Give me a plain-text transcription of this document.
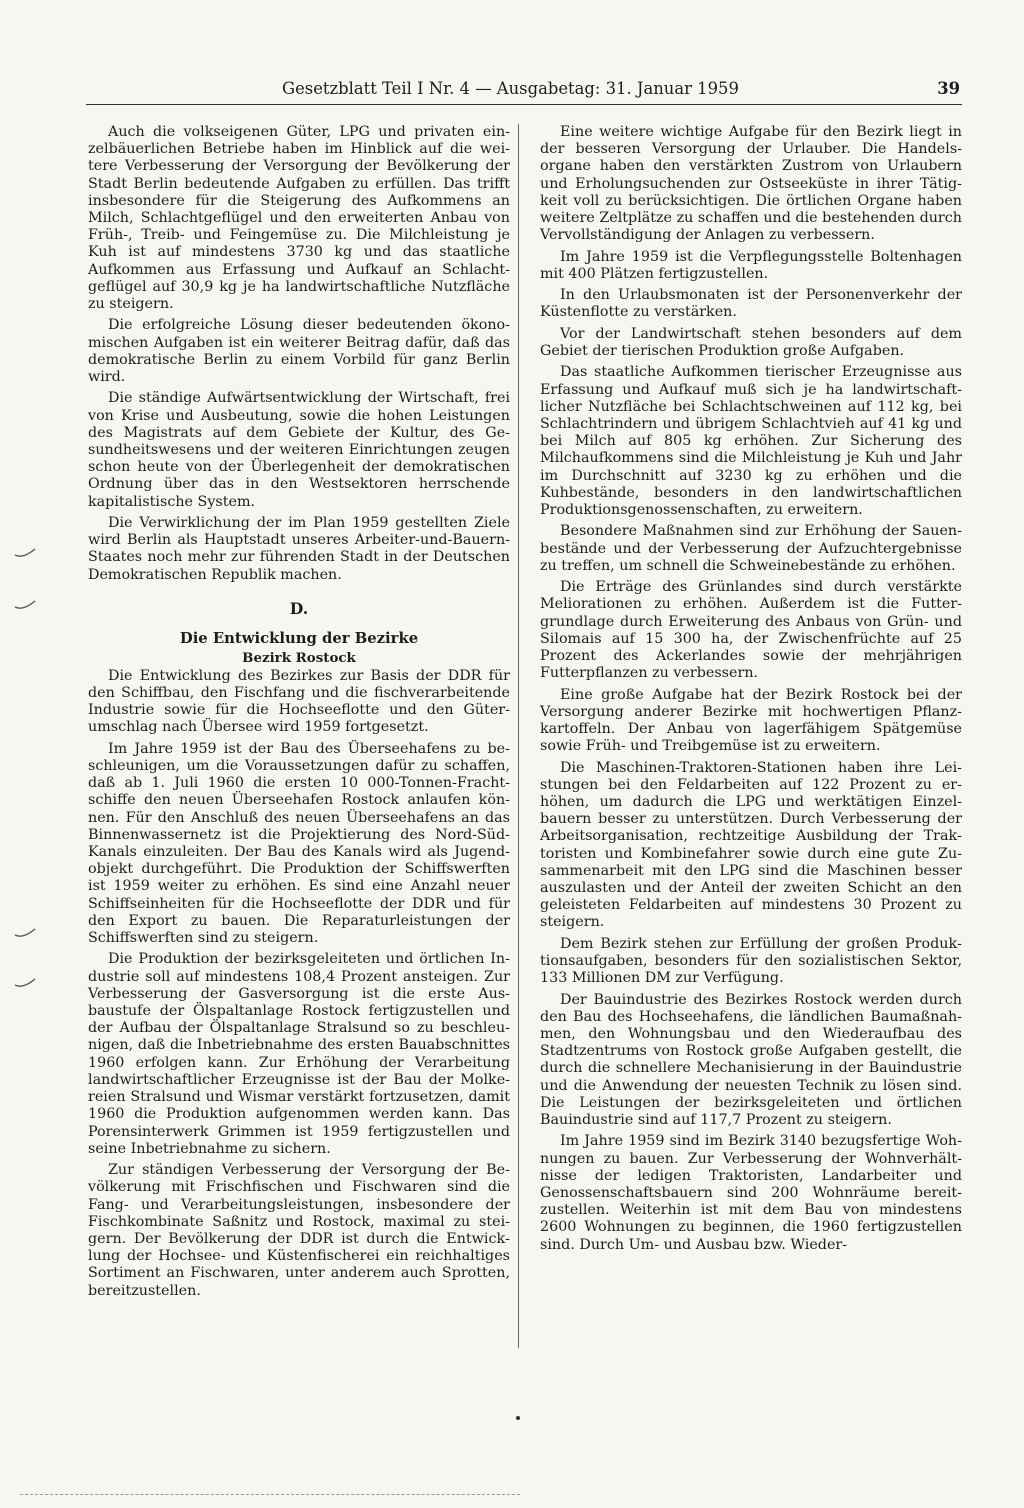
Gesetzblatt Teil I Nr. 4 — Ausgabetag: 31. Januar 1959	39

Auch die volkseigenen Güter, LPG und privaten einzelbäuerlichen Betriebe haben im Hinblick auf die weitere Verbesserung der Versorgung der Bevölkerung der Stadt Berlin bedeutende Aufgaben zu erfüllen. Das trifft insbesondere für die Steigerung des Aufkommens an Milch, Schlachtgeflügel und den erweiterten Anbau von Früh-, Treib- und Feingemüse zu. Die Milchleistung je Kuh ist auf mindestens 3730 kg und das staatliche Aufkommen aus Erfassung und Aufkauf an Schlachtgeflügel auf 30,9 kg je ha landwirtschaftliche Nutzfläche zu steigern.

Die erfolgreiche Lösung dieser bedeutenden ökonomischen Aufgaben ist ein weiterer Beitrag dafür, daß das demokratische Berlin zu einem Vorbild für ganz Berlin wird.

Die ständige Aufwärtsentwicklung der Wirtschaft, frei von Krise und Ausbeutung, sowie die hohen Leistungen des Magistrats auf dem Gebiete der Kultur, des Gesundheitswesens und der weiteren Einrichtungen zeugen schon heute von der Überlegenheit der demokratischen Ordnung über das in den Westsektoren herrschende kapitalistische System.

Die Verwirklichung der im Plan 1959 gestellten Ziele wird Berlin als Hauptstadt unseres Arbeiter-und-Bauern-Staates noch mehr zur führenden Stadt in der Deutschen Demokratischen Republik machen.

D.
Die Entwicklung der Bezirke
Bezirk Rostock

Die Entwicklung des Bezirkes zur Basis der DDR für den Schiffbau, den Fischfang und die fischverarbeitende Industrie sowie für die Hochseeflotte und den Güterumschlag nach Übersee wird 1959 fortgesetzt.

Im Jahre 1959 ist der Bau des Überseehafens zu beschleunigen, um die Voraussetzungen dafür zu schaffen, daß ab 1. Juli 1960 die ersten 10 000-Tonnen-Frachtschiffe den neuen Überseehafen Rostock anlaufen können. Für den Anschluß des neuen Überseehafens an das Binnenwassernetz ist die Projektierung des Nord-Süd-Kanals einzuleiten. Der Bau des Kanals wird als Jugendobjekt durchgeführt. Die Produktion der Schiffswerften ist 1959 weiter zu erhöhen. Es sind eine Anzahl neuer Schiffseinheiten für die Hochseeflotte der DDR und für den Export zu bauen. Die Reparaturleistungen der Schiffswerften sind zu steigern.

Die Produktion der bezirksgeleiteten und örtlichen Industrie soll auf mindestens 108,4 Prozent ansteigen. Zur Verbesserung der Gasversorgung ist die erste Ausbaustufe der Ölspaltanlage Rostock fertigzustellen und der Aufbau der Ölspaltanlage Stralsund so zu beschleunigen, daß die Inbetriebnahme des ersten Bauabschnittes 1960 erfolgen kann. Zur Erhöhung der Verarbeitung landwirtschaftlicher Erzeugnisse ist der Bau der Molkereien Stralsund und Wismar verstärkt fortzusetzen, damit 1960 die Produktion aufgenommen werden kann. Das Porensinterwerk Grimmen ist 1959 fertigzustellen und seine Inbetriebnahme zu sichern.

Zur ständigen Verbesserung der Versorgung der Bevölkerung mit Frischfischen und Fischwaren sind die Fang- und Verarbeitungsleistungen, insbesondere der Fischkombinate Saßnitz und Rostock, maximal zu steigern. Der Bevölkerung der DDR ist durch die Entwicklung der Hochsee- und Küstenfischerei ein reichhaltiges Sortiment an Fischwaren, unter anderem auch Sprotten, bereitzustellen.

Eine weitere wichtige Aufgabe für den Bezirk liegt in der besseren Versorgung der Urlauber. Die Handelsorgane haben den verstärkten Zustrom von Urlaubern und Erholungsuchenden zur Ostseeküste in ihrer Tätigkeit voll zu berücksichtigen. Die örtlichen Organe haben weitere Zeltplätze zu schaffen und die bestehenden durch Vervollständigung der Anlagen zu verbessern.

Im Jahre 1959 ist die Verpflegungsstelle Boltenhagen mit 400 Plätzen fertigzustellen.

In den Urlaubsmonaten ist der Personenverkehr der Küstenflotte zu verstärken.

Vor der Landwirtschaft stehen besonders auf dem Gebiet der tierischen Produktion große Aufgaben.

Das staatliche Aufkommen tierischer Erzeugnisse aus Erfassung und Aufkauf muß sich je ha landwirtschaftlicher Nutzfläche bei Schlachtschweinen auf 112 kg, bei Schlachtrindern und übrigem Schlachtvieh auf 41 kg und bei Milch auf 805 kg erhöhen. Zur Sicherung des Milchaufkommens sind die Milchleistung je Kuh und Jahr im Durchschnitt auf 3230 kg zu erhöhen und die Kuhbestände, besonders in den landwirtschaftlichen Produktionsgenossenschaften, zu erweitern.

Besondere Maßnahmen sind zur Erhöhung der Sauenbestände und der Verbesserung der Aufzuchtergebnisse zu treffen, um schnell die Schweinebestände zu erhöhen.

Die Erträge des Grünlandes sind durch verstärkte Meliorationen zu erhöhen. Außerdem ist die Futtergrundlage durch Erweiterung des Anbaus von Grün- und Silomais auf 15 300 ha, der Zwischenfrüchte auf 25 Prozent des Ackerlandes sowie der mehrjährigen Futterpflanzen zu verbessern.

Eine große Aufgabe hat der Bezirk Rostock bei der Versorgung anderer Bezirke mit hochwertigen Pflanzkartoffeln. Der Anbau von lagerfähigem Spätgemüse sowie Früh- und Treibgemüse ist zu erweitern.

Die Maschinen-Traktoren-Stationen haben ihre Leistungen bei den Feldarbeiten auf 122 Prozent zu erhöhen, um dadurch die LPG und werktätigen Einzelbauern besser zu unterstützen. Durch Verbesserung der Arbeitsorganisation, rechtzeitige Ausbildung der Traktoristen und Kombinefahrer sowie durch eine gute Zusammenarbeit mit den LPG sind die Maschinen besser auszulasten und der Anteil der zweiten Schicht an den geleisteten Feldarbeiten auf mindestens 30 Prozent zu steigern.

Dem Bezirk stehen zur Erfüllung der großen Produktionsaufgaben, besonders für den sozialistischen Sektor, 133 Millionen DM zur Verfügung.

Der Bauindustrie des Bezirkes Rostock werden durch den Bau des Hochseehafens, die ländlichen Baumaßnahmen, den Wohnungsbau und den Wiederaufbau des Stadtzentrums von Rostock große Aufgaben gestellt, die durch die schnellere Mechanisierung in der Bauindustrie und die Anwendung der neuesten Technik zu lösen sind. Die Leistungen der bezirksgeleiteten und örtlichen Bauindustrie sind auf 117,7 Prozent zu steigern.

Im Jahre 1959 sind im Bezirk 3140 bezugsfertige Wohnungen zu bauen. Zur Verbesserung der Wohnverhältnisse der ledigen Traktoristen, Landarbeiter und Genossenschaftsbauern sind 200 Wohnräume bereitzustellen. Weiterhin ist mit dem Bau von mindestens 2600 Wohnungen zu beginnen, die 1960 fertigzustellen sind. Durch Um- und Ausbau bzw. Wieder-
